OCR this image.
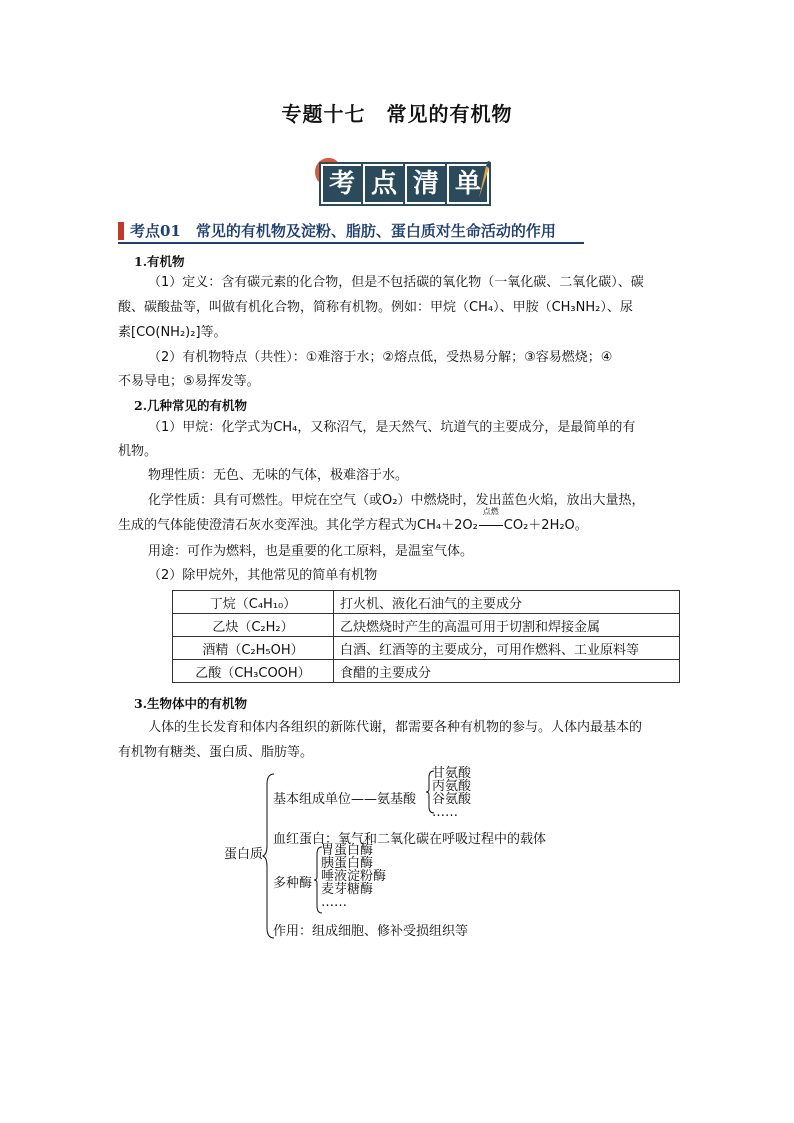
专题十七　常见的有机物
考 点 清 单
考点01　常见的有机物及淀粉、脂肪、蛋白质对生命活动的作用
1.有机物
（1）定义：含有碳元素的化合物，但是不包括碳的氧化物（一氧化碳、二氧化碳）、碳
酸、碳酸盐等，叫做有机化合物，简称有机物。例如：甲烷（CH₄）、甲胺（CH₃NH₂）、尿
素[CO(NH₂)₂]等。
（2）有机物特点（共性）：①难溶于水；②熔点低，受热易分解；③容易燃烧；④
不易导电；⑤易挥发等。
2.几种常见的有机物
（1）甲烷：化学式为CH₄，又称沼气，是天然气、坑道气的主要成分，是最简单的有
机物。
物理性质：无色、无味的气体，极难溶于水。
化学性质：具有可燃性。甲烷在空气（或O₂）中燃烧时，发出蓝色火焰，放出大量热，
生成的气体能使澄清石灰水变浑浊。其化学方程式为CH₄＋2O₂
点燃
CO₂＋2H₂O。
用途：可作为燃料，也是重要的化工原料，是温室气体。
（2）除甲烷外，其他常见的简单有机物
丁烷（C₄H₁₀）	打火机、液化石油气的主要成分
乙炔（C₂H₂）	乙炔燃烧时产生的高温可用于切割和焊接金属
酒精（C₂H₅OH）	白酒、红酒等的主要成分，可用作燃料、工业原料等
乙酸（CH₃COOH）	食醋的主要成分
3.生物体中的有机物
人体的生长发育和体内各组织的新陈代谢，都需要各种有机物的参与。人体内最基本的
有机物有糖类、蛋白质、脂肪等。
蛋白质
基本组成单位——氨基酸
甘氨酸
丙氨酸
谷氨酸
……
血红蛋白：氧气和二氧化碳在呼吸过程中的载体
多种酶
胃蛋白酶
胰蛋白酶
唾液淀粉酶
麦芽糖酶
……
作用：组成细胞、修补受损组织等
